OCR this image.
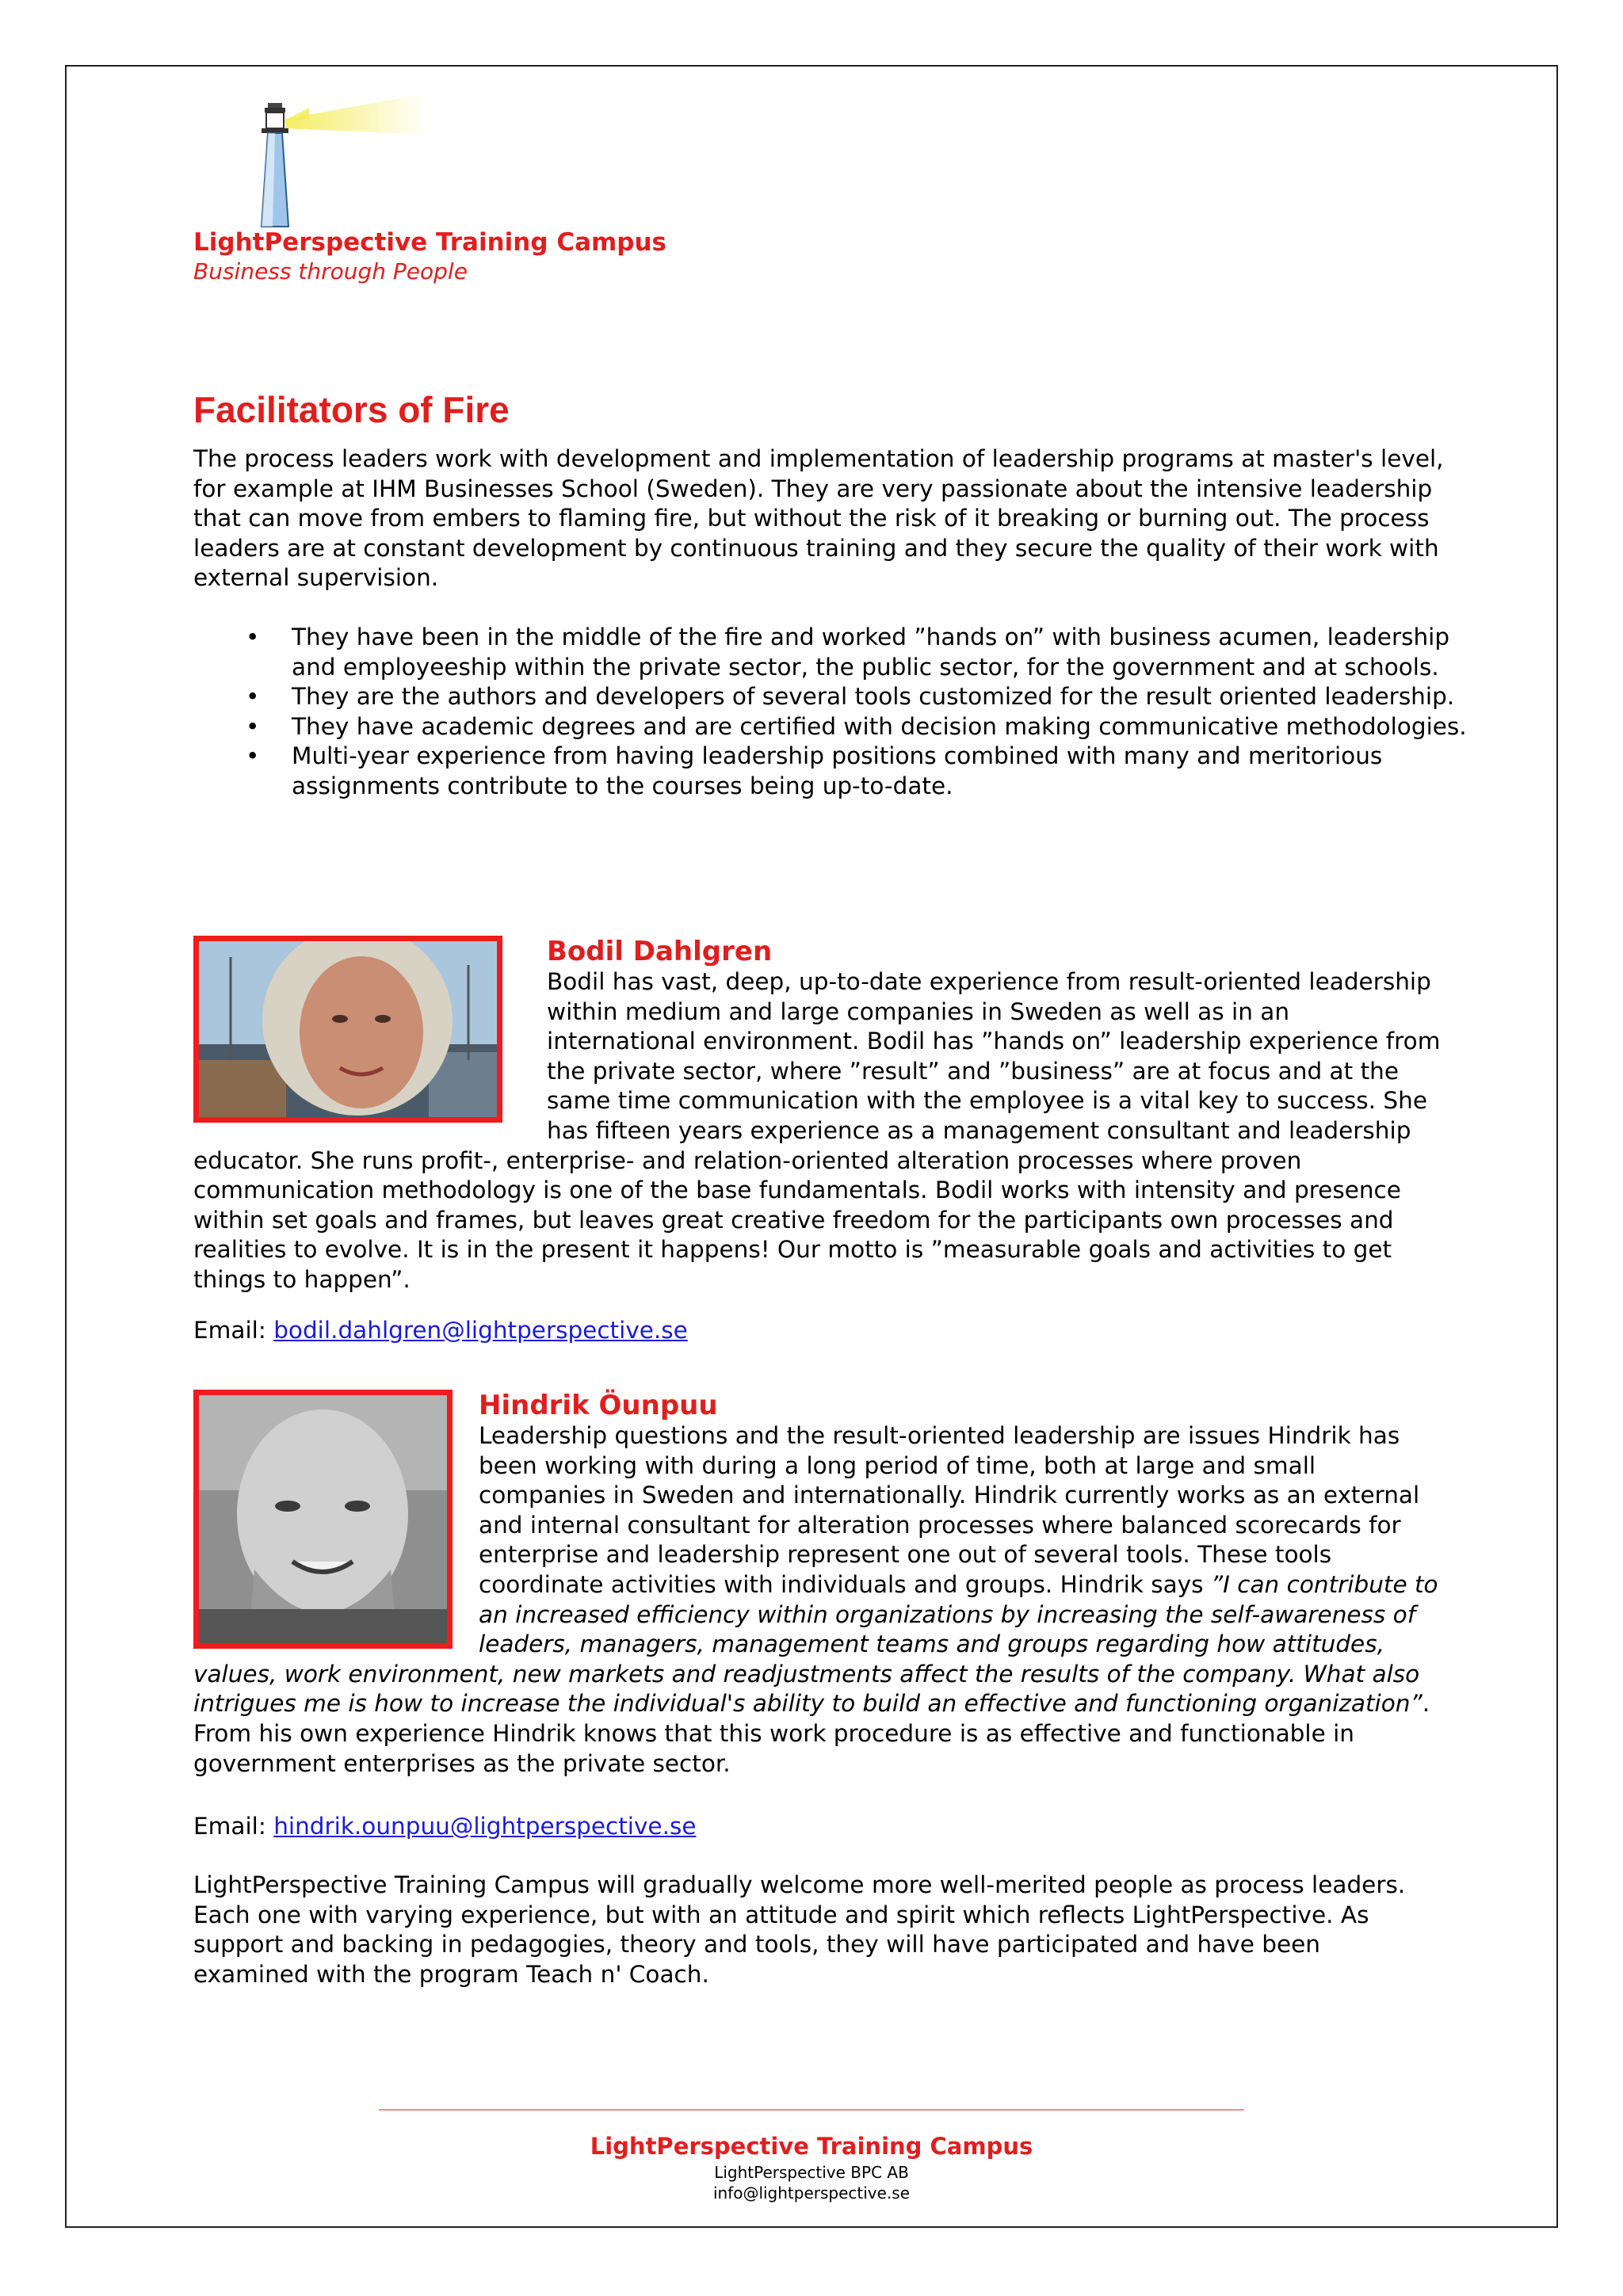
LightPerspective Training Campus
Business through People
Facilitators of Fire

The process leaders work with development and implementation of leadership programs at master's level, for example at IHM Businesses School (Sweden). They are very passionate about the intensive leadership that can move from embers to flaming fire, but without the risk of it breaking or burning out. The process leaders are at constant development by continuous training and they secure the quality of their work with external supervision.

• They have been in the middle of the fire and worked ”hands on” with business acumen, leadership and employeeship within the private sector, the public sector, for the government and at schools.
• They are the authors and developers of several tools customized for the result oriented leadership.
• They have academic degrees and are certified with decision making communicative methodologies.
• Multi-year experience from having leadership positions combined with many and meritorious assignments contribute to the courses being up-to-date.
Bodil Dahlgren

Bodil has vast, deep, up-to-date experience from result-oriented leadership within medium and large companies in Sweden as well as in an international environment. Bodil has ”hands on” leadership experience from the private sector, where ”result” and ”business” are at focus and at the same time communication with the employee is a vital key to success. She has fifteen years experience as a management consultant and leadership educator. She runs profit-, enterprise- and relation-oriented alteration processes where proven communication methodology is one of the base fundamentals. Bodil works with intensity and presence within set goals and frames, but leaves great creative freedom for the participants own processes and realities to evolve. It is in the present it happens! Our motto is ”measurable goals and activities to get things to happen”.

Email: bodil.dahlgren@lightperspective.se
Hindrik Öunpuu

Leadership questions and the result-oriented leadership are issues Hindrik has been working with during a long period of time, both at large and small companies in Sweden and internationally. Hindrik currently works as an external and internal consultant for alteration processes where balanced scorecards for enterprise and leadership represent one out of several tools. These tools coordinate activities with individuals and groups. Hindrik says ”I can contribute to an increased efficiency within organizations by increasing the self-awareness of leaders, managers, management teams and groups regarding how attitudes, values, work environment, new markets and readjustments affect the results of the company. What also intrigues me is how to increase the individual's ability to build an effective and functioning organization”. From his own experience Hindrik knows that this work procedure is as effective and functionable in government enterprises as the private sector.

Email: hindrik.ounpuu@lightperspective.se

LightPerspective Training Campus will gradually welcome more well-merited people as process leaders. Each one with varying experience, but with an attitude and spirit which reflects LightPerspective. As support and backing in pedagogies, theory and tools, they will have participated and have been examined with the program Teach n' Coach.

LightPerspective Training Campus
LightPerspective BPC AB
info@lightperspective.se
